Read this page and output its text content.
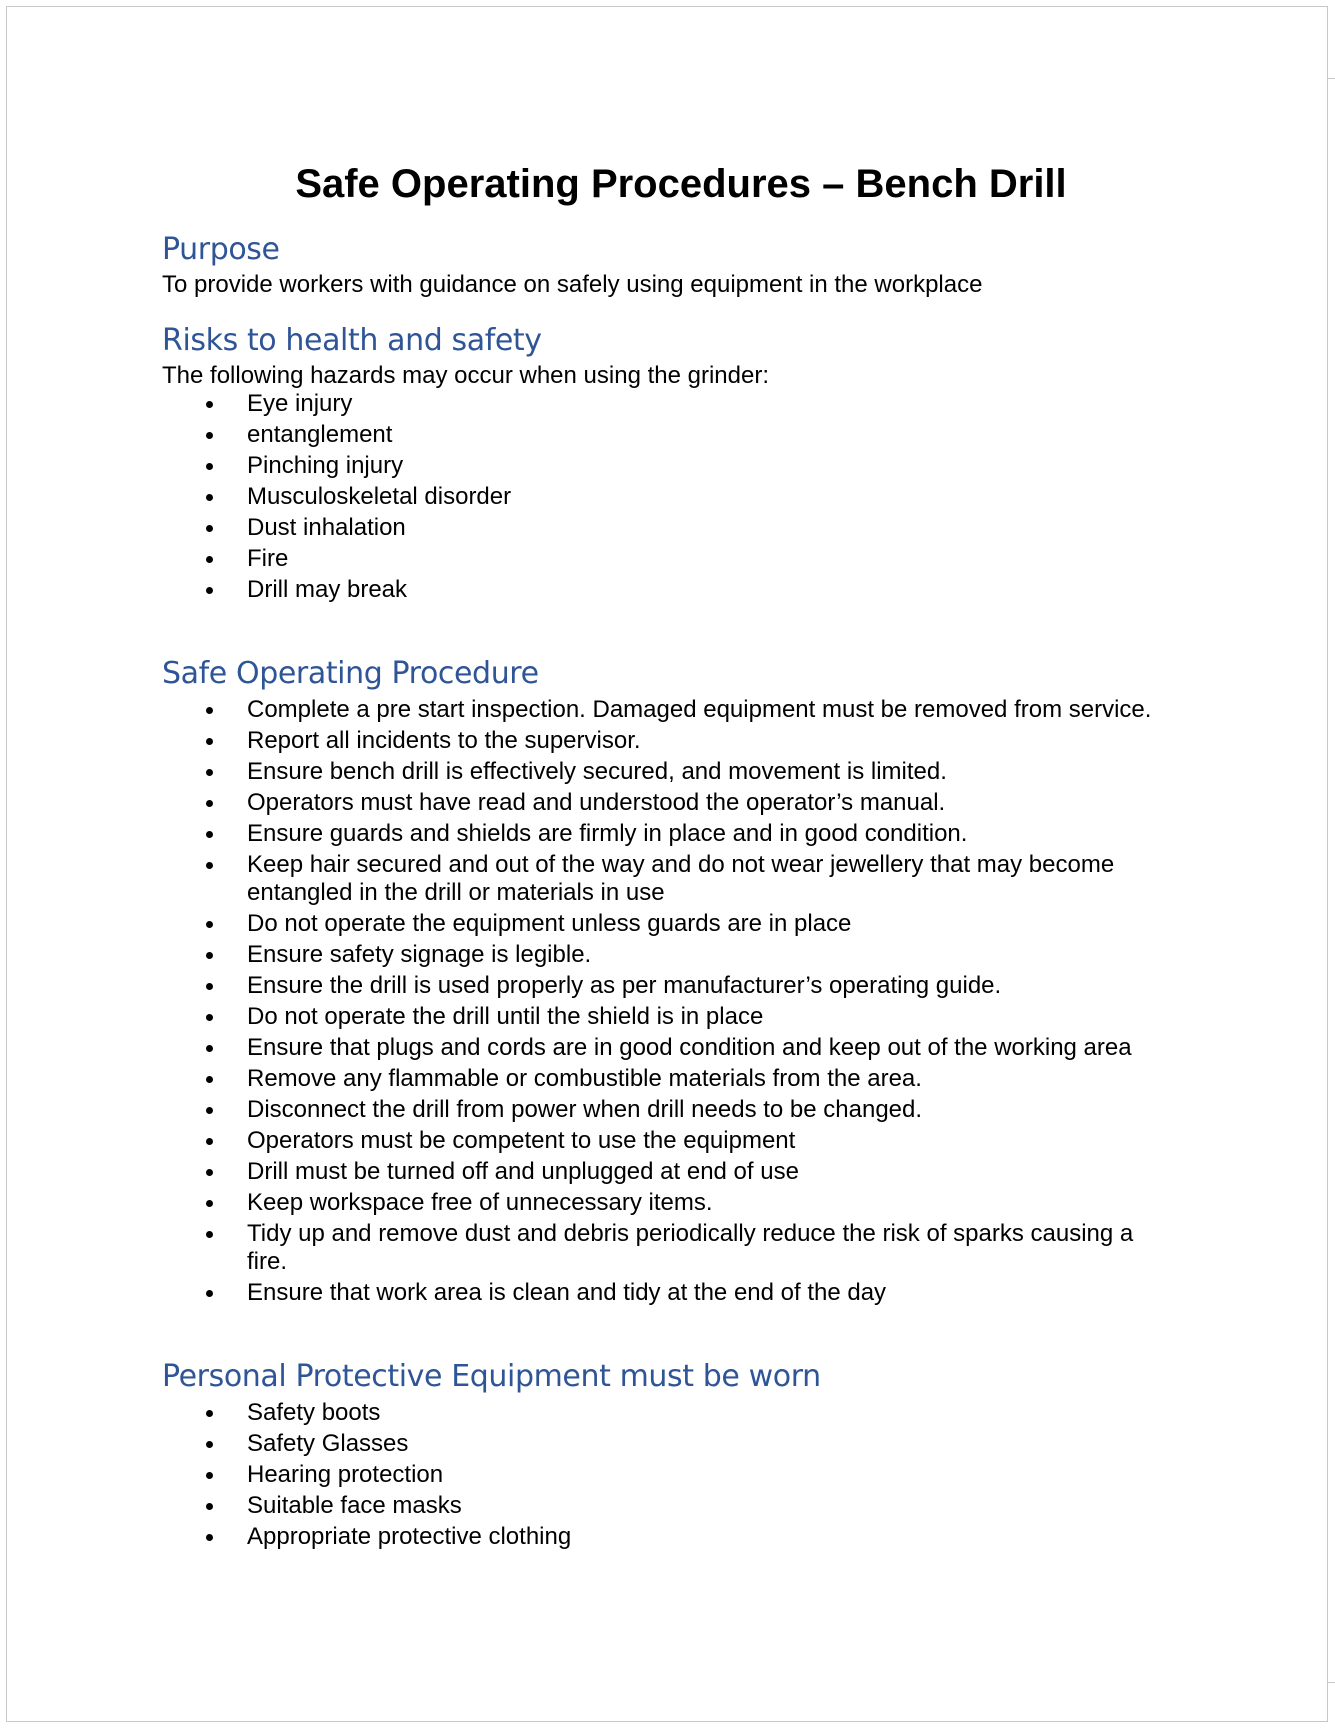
Safe Operating Procedures – Bench Drill
Purpose

To provide workers with guidance on safely using equipment in the workplace

Risks to health and safety

The following hazards may occur when using the grinder:

Eye injury
entanglement
Pinching injury
Musculoskeletal disorder
Dust inhalation
Fire
Drill may break
Safe Operating Procedure
Complete a pre start inspection. Damaged equipment must be removed from service.
Report all incidents to the supervisor.
Ensure bench drill is effectively secured, and movement is limited.
Operators must have read and understood the operator’s manual.
Ensure guards and shields are firmly in place and in good condition.
Keep hair secured and out of the way and do not wear jewellery that may become entangled in the drill or materials in use
Do not operate the equipment unless guards are in place
Ensure safety signage is legible.
Ensure the drill is used properly as per manufacturer’s operating guide.
Do not operate the drill until the shield is in place
Ensure that plugs and cords are in good condition and keep out of the working area
Remove any flammable or combustible materials from the area.
Disconnect the drill from power when drill needs to be changed.
Operators must be competent to use the equipment
Drill must be turned off and unplugged at end of use
Keep workspace free of unnecessary items.
Tidy up and remove dust and debris periodically reduce the risk of sparks causing a fire.
Ensure that work area is clean and tidy at the end of the day
Personal Protective Equipment must be worn
Safety boots
Safety Glasses
Hearing protection
Suitable face masks
Appropriate protective clothing
